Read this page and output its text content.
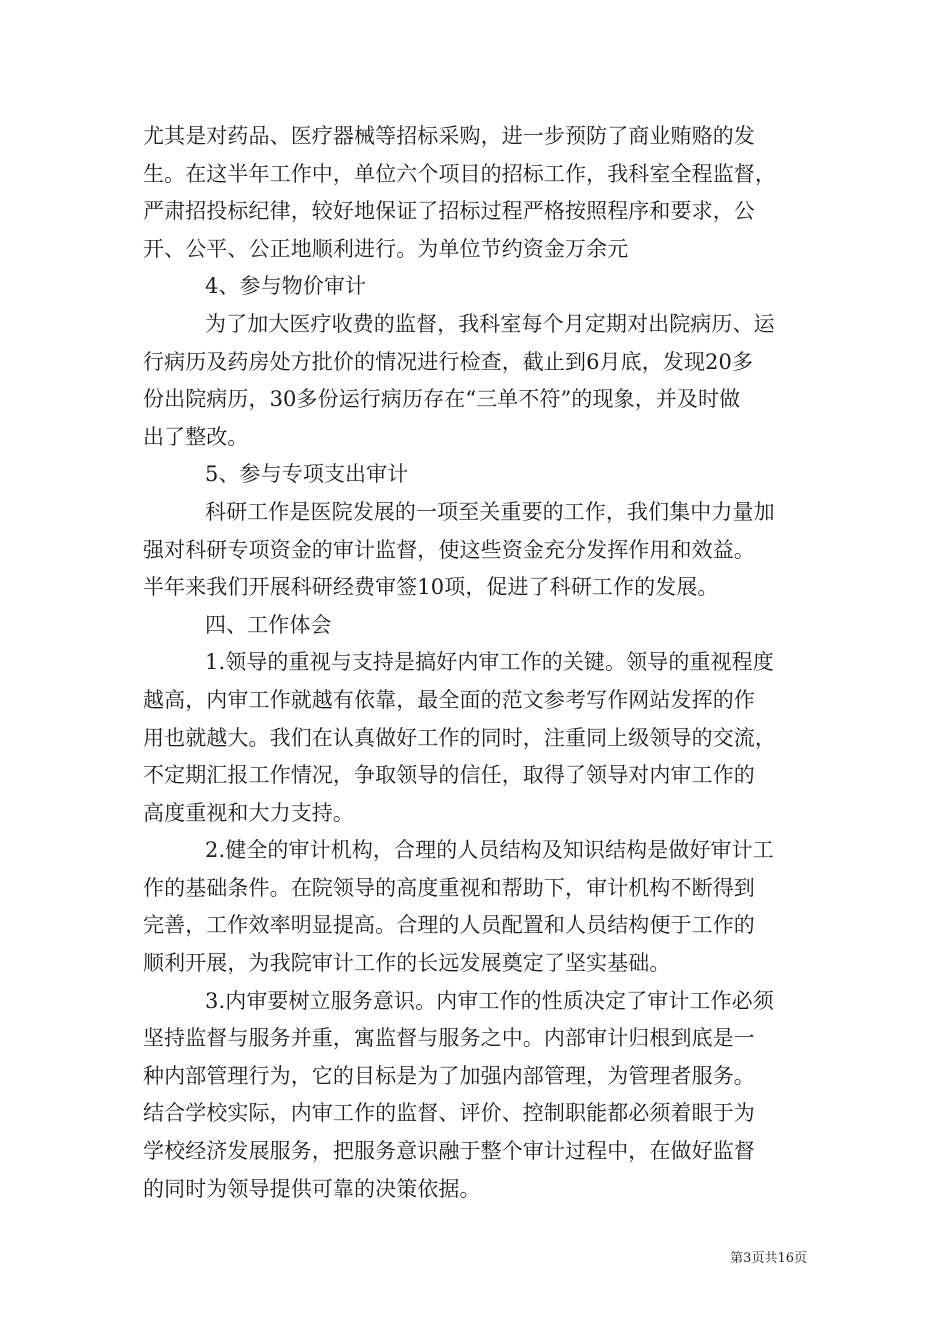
尤其是对药品、医疗器械等招标采购，进一步预防了商业贿赂的发
生。在这半年工作中，单位六个项目的招标工作，我科室全程监督，
严肃招投标纪律，较好地保证了招标过程严格按照程序和要求，公
开、公平、公正地顺利进行。为单位节约资金万余元
4、参与物价审计
为了加大医疗收费的监督，我科室每个月定期对出院病历、运
行病历及药房处方批价的情况进行检查，截止到6月底，发现20多
份出院病历，30多份运行病历存在“三单不符”的现象，并及时做
出了整改。
5、参与专项支出审计
科研工作是医院发展的一项至关重要的工作，我们集中力量加
强对科研专项资金的审计监督，使这些资金充分发挥作用和效益。
半年来我们开展科研经费审签10项，促进了科研工作的发展。
四、工作体会
1.领导的重视与支持是搞好内审工作的关键。领导的重视程度
越高，内审工作就越有依靠，最全面的范文参考写作网站发挥的作
用也就越大。我们在认真做好工作的同时，注重同上级领导的交流，
不定期汇报工作情况，争取领导的信任，取得了领导对内审工作的
高度重视和大力支持。
2.健全的审计机构，合理的人员结构及知识结构是做好审计工
作的基础条件。在院领导的高度重视和帮助下，审计机构不断得到
完善，工作效率明显提高。合理的人员配置和人员结构便于工作的
顺利开展，为我院审计工作的长远发展奠定了坚实基础。
3.内审要树立服务意识。内审工作的性质决定了审计工作必须
坚持监督与服务并重，寓监督与服务之中。内部审计归根到底是一
种内部管理行为，它的目标是为了加强内部管理，为管理者服务。
结合学校实际，内审工作的监督、评价、控制职能都必须着眼于为
学校经济发展服务，把服务意识融于整个审计过程中，在做好监督
的同时为领导提供可靠的决策依据。
第3页共16页
